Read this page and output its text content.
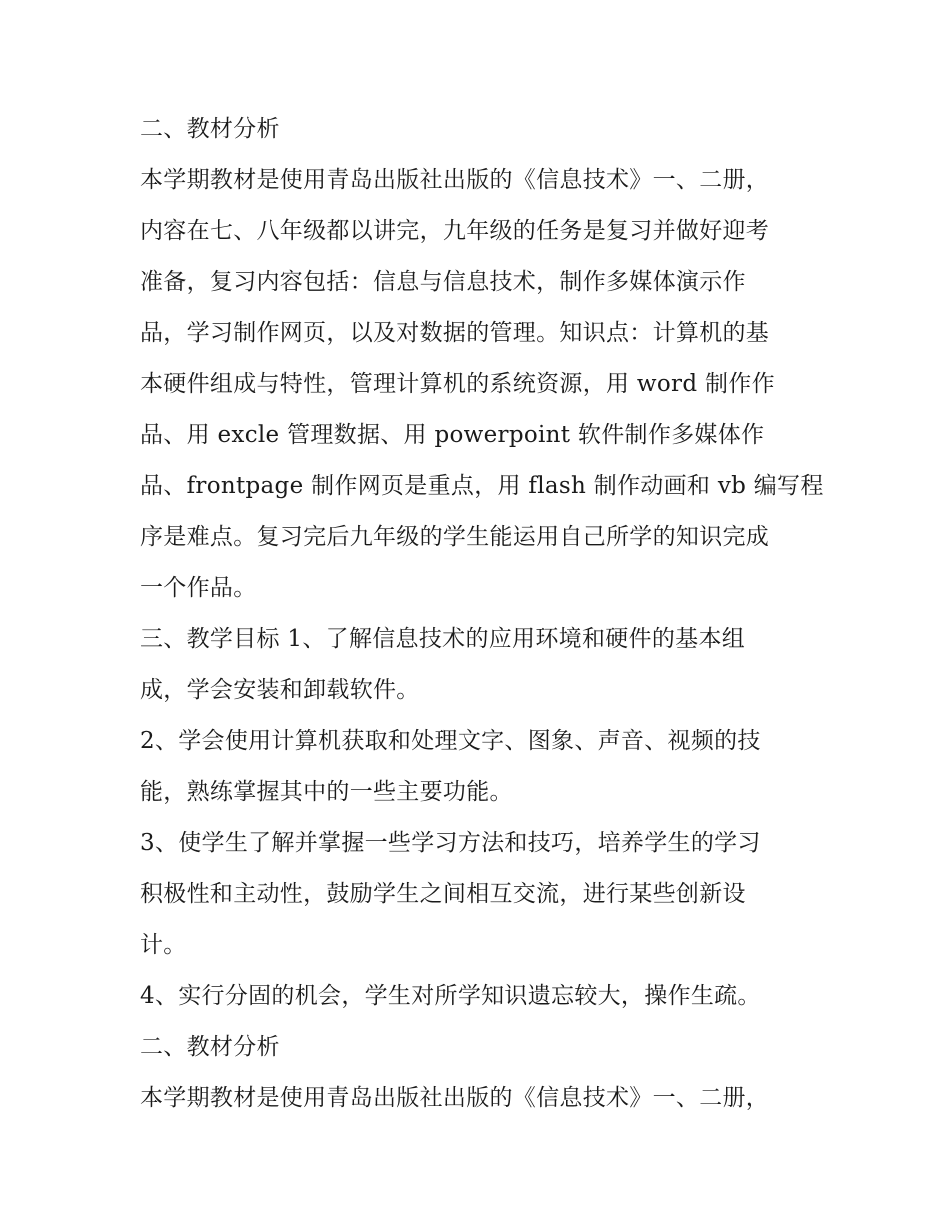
二、教材分析
本学期教材是使用青岛出版社出版的《信息技术》一、二册，
内容在七、八年级都以讲完，九年级的任务是复习并做好迎考
准备，复习内容包括：信息与信息技术，制作多媒体演示作
品，学习制作网页，以及对数据的管理。知识点：计算机的基
本硬件组成与特性，管理计算机的系统资源，用 word 制作作
品、用 excle 管理数据、用 powerpoint 软件制作多媒体作
品、frontpage 制作网页是重点，用 flash 制作动画和 vb 编写程
序是难点。复习完后九年级的学生能运用自己所学的知识完成
一个作品。
三、教学目标 1、了解信息技术的应用环境和硬件的基本组
成，学会安装和卸载软件。
2、学会使用计算机获取和处理文字、图象、声音、视频的技
能，熟练掌握其中的一些主要功能。
3、使学生了解并掌握一些学习方法和技巧，培养学生的学习
积极性和主动性，鼓励学生之间相互交流，进行某些创新设
计。
4、实行分固的机会，学生对所学知识遗忘较大，操作生疏。
二、教材分析
本学期教材是使用青岛出版社出版的《信息技术》一、二册，
